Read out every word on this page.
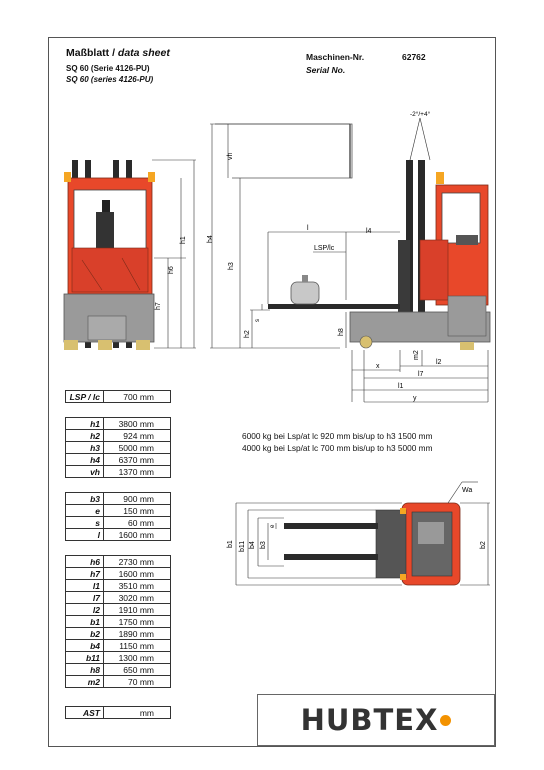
Maßblatt / data sheet
SQ 60 (Serie 4126-PU)
SQ 60 (series 4126-PU)
Maschinen-Nr.	62762
Serial No.
h1
h6
h7
vh
h4
h3
h2
s
h8
l	l4
LSP/lc
-2°/+4°
x
m2
l2
l7
l1
y
b1 b11 b4 b3
e
b2
Wa
LSP / lc	700 mm
h1	3800 mm
h2	924 mm
h3	5000 mm
h4	6370 mm
vh	1370 mm
b3	900 mm
e	150 mm
s	60 mm
l	1600 mm
h6	2730 mm
h7	1600 mm
l1	3510 mm
l7	3020 mm
l2	1910 mm
b1	1750 mm
b2	1890 mm
b4	1150 mm
b11	1300 mm
h8	650 mm
m2	70 mm
AST	mm
6000 kg bei Lsp/at lc 920 mm bis/up to h3 1500 mm
4000 kg bei Lsp/at lc 700 mm bis/up to h3 5000 mm
HUBTEX
